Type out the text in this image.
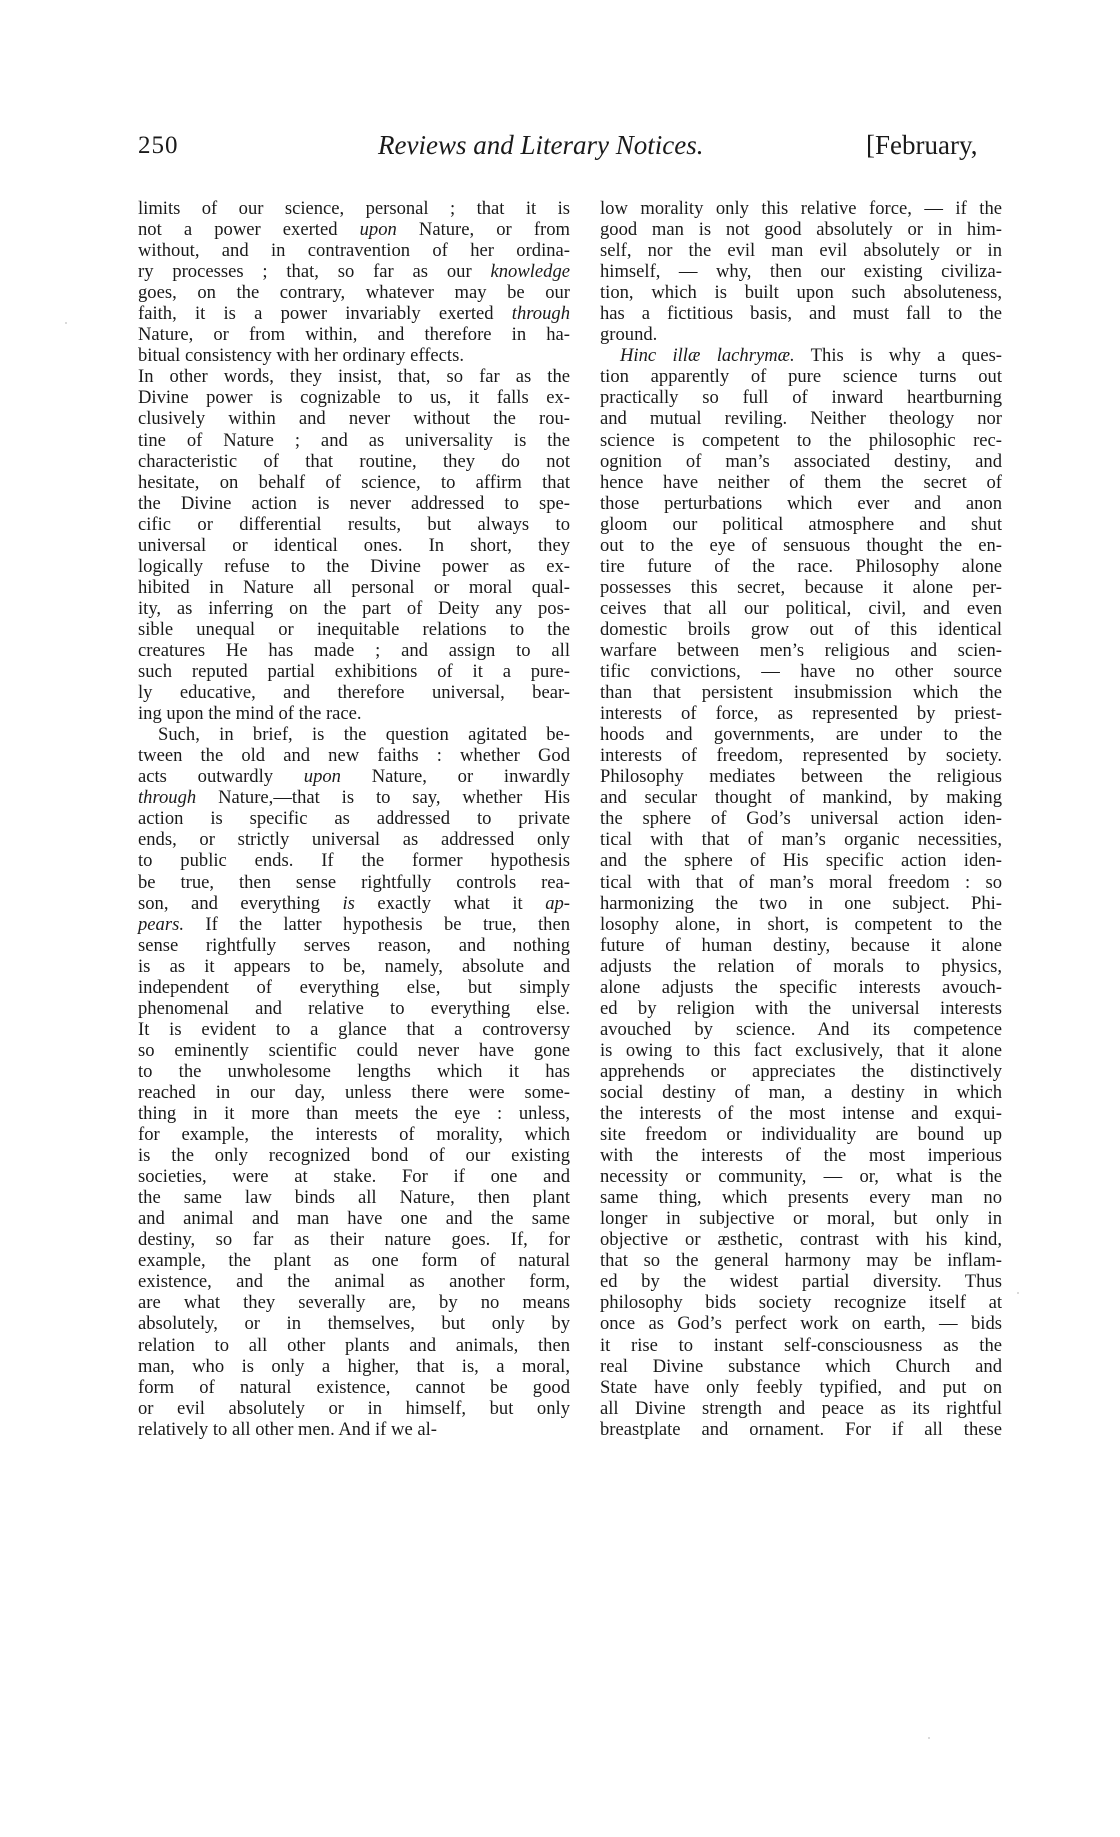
250	Reviews and Literary Notices.	[February,
limits of our science, personal ; that it is
not a power exerted upon Nature, or from
without, and in contravention of her ordina-
ry processes ; that, so far as our knowledge
goes, on the contrary, whatever may be our
faith, it is a power invariably exerted through
Nature, or from within, and therefore in ha-
bitual consistency with her ordinary effects.
In other words, they insist, that, so far as the
Divine power is cognizable to us, it falls ex-
clusively within and never without the rou-
tine of Nature ; and as universality is the
characteristic of that routine, they do not
hesitate, on behalf of science, to affirm that
the Divine action is never addressed to spe-
cific or differential results, but always to
universal or identical ones. In short, they
logically refuse to the Divine power as ex-
hibited in Nature all personal or moral qual-
ity, as inferring on the part of Deity any pos-
sible unequal or inequitable relations to the
creatures He has made ; and assign to all
such reputed partial exhibitions of it a pure-
ly educative, and therefore universal, bear-
ing upon the mind of the race.
Such, in brief, is the question agitated be-
tween the old and new faiths : whether God
acts outwardly upon Nature, or inwardly
through Nature,—that is to say, whether His
action is specific as addressed to private
ends, or strictly universal as addressed only
to public ends. If the former hypothesis
be true, then sense rightfully controls rea-
son, and everything is exactly what it ap-
pears. If the latter hypothesis be true, then
sense rightfully serves reason, and nothing
is as it appears to be, namely, absolute and
independent of everything else, but simply
phenomenal and relative to everything else.
It is evident to a glance that a controversy
so eminently scientific could never have gone
to the unwholesome lengths which it has
reached in our day, unless there were some-
thing in it more than meets the eye : unless,
for example, the interests of morality, which
is the only recognized bond of our existing
societies, were at stake. For if one and
the same law binds all Nature, then plant
and animal and man have one and the same
destiny, so far as their nature goes. If, for
example, the plant as one form of natural
existence, and the animal as another form,
are what they severally are, by no means
absolutely, or in themselves, but only by
relation to all other plants and animals, then
man, who is only a higher, that is, a moral,
form of natural existence, cannot be good
or evil absolutely or in himself, but only
relatively to all other men. And if we al-
low morality only this relative force, — if the
good man is not good absolutely or in him-
self, nor the evil man evil absolutely or in
himself, — why, then our existing civiliza-
tion, which is built upon such absoluteness,
has a fictitious basis, and must fall to the
ground.
Hinc illæ lachrymæ. This is why a ques-
tion apparently of pure science turns out
practically so full of inward heartburning
and mutual reviling. Neither theology nor
science is competent to the philosophic rec-
ognition of man’s associated destiny, and
hence have neither of them the secret of
those perturbations which ever and anon
gloom our political atmosphere and shut
out to the eye of sensuous thought the en-
tire future of the race. Philosophy alone
possesses this secret, because it alone per-
ceives that all our political, civil, and even
domestic broils grow out of this identical
warfare between men’s religious and scien-
tific convictions, — have no other source
than that persistent insubmission which the
interests of force, as represented by priest-
hoods and governments, are under to the
interests of freedom, represented by society.
Philosophy mediates between the religious
and secular thought of mankind, by making
the sphere of God’s universal action iden-
tical with that of man’s organic necessities,
and the sphere of His specific action iden-
tical with that of man’s moral freedom : so
harmonizing the two in one subject. Phi-
losophy alone, in short, is competent to the
future of human destiny, because it alone
adjusts the relation of morals to physics,
alone adjusts the specific interests avouch-
ed by religion with the universal interests
avouched by science. And its competence
is owing to this fact exclusively, that it alone
apprehends or appreciates the distinctively
social destiny of man, a destiny in which
the interests of the most intense and exqui-
site freedom or individuality are bound up
with the interests of the most imperious
necessity or community, — or, what is the
same thing, which presents every man no
longer in subjective or moral, but only in
objective or æsthetic, contrast with his kind,
that so the general harmony may be inflam-
ed by the widest partial diversity. Thus
philosophy bids society recognize itself at
once as God’s perfect work on earth, — bids
it rise to instant self-consciousness as the
real Divine substance which Church and
State have only feebly typified, and put on
all Divine strength and peace as its rightful
breastplate and ornament. For if all these
